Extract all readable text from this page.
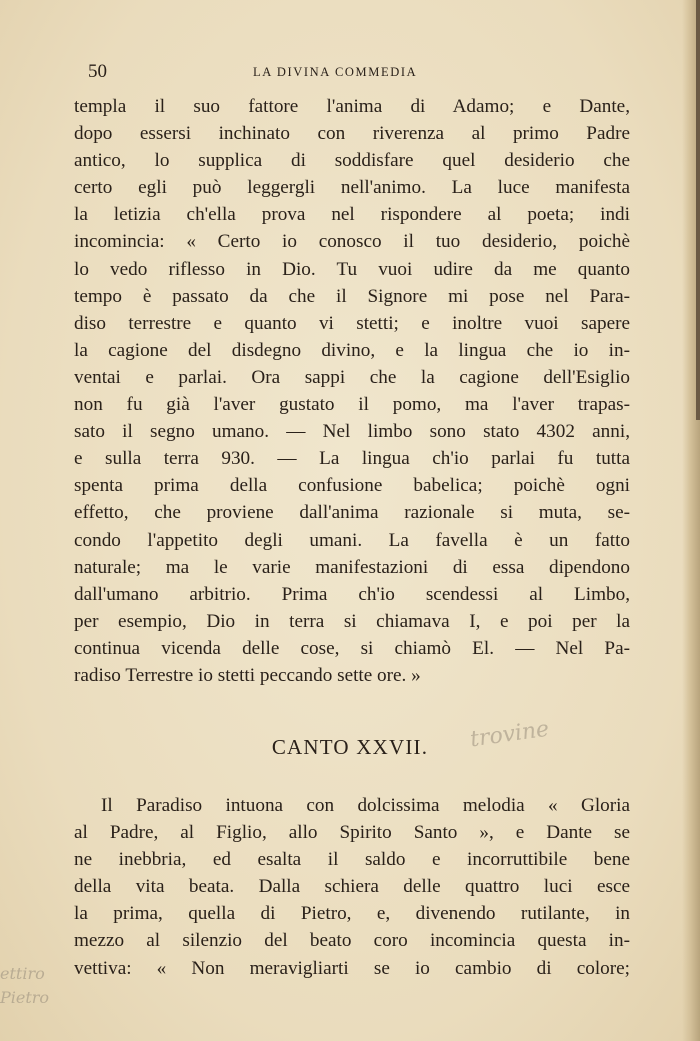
50	LA DIVINA COMMEDIA
templa il suo fattore l'anima di Adamo; e Dante,
dopo essersi inchinato con riverenza al primo Padre
antico, lo supplica di soddisfare quel desiderio che
certo egli può leggergli nell'animo. La luce manifesta
la letizia ch'ella prova nel rispondere al poeta; indi
incomincia: « Certo io conosco il tuo desiderio, poichè
lo vedo riflesso in Dio. Tu vuoi udire da me quanto
tempo è passato da che il Signore mi pose nel Para-
diso terrestre e quanto vi stetti; e inoltre vuoi sapere
la cagione del disdegno divino, e la lingua che io in-
ventai e parlai. Ora sappi che la cagione dell'Esiglio
non fu già l'aver gustato il pomo, ma l'aver trapas-
sato il segno umano. — Nel limbo sono stato 4302 anni,
e sulla terra 930. — La lingua ch'io parlai fu tutta
spenta prima della confusione babelica; poichè ogni
effetto, che proviene dall'anima razionale si muta, se-
condo l'appetito degli umani. La favella è un fatto
naturale; ma le varie manifestazioni di essa dipendono
dall'umano arbitrio. Prima ch'io scendessi al Limbo,
per esempio, Dio in terra si chiamava I, e poi per la
continua vicenda delle cose, si chiamò El. — Nel Pa-
radiso Terrestre io stetti peccando sette ore. »
CANTO XXVII.
Il Paradiso intuona con dolcissima melodia « Gloria
al Padre, al Figlio, allo Spirito Santo », e Dante se
ne inebbria, ed esalta il saldo e incorruttibile bene
della vita beata. Dalla schiera delle quattro luci esce
la prima, quella di Pietro, e, divenendo rutilante, in
mezzo al silenzio del beato coro incomincia questa in-
vettiva: « Non meravigliarti se io cambio di colore;
trovine
ettiro
Pietro
